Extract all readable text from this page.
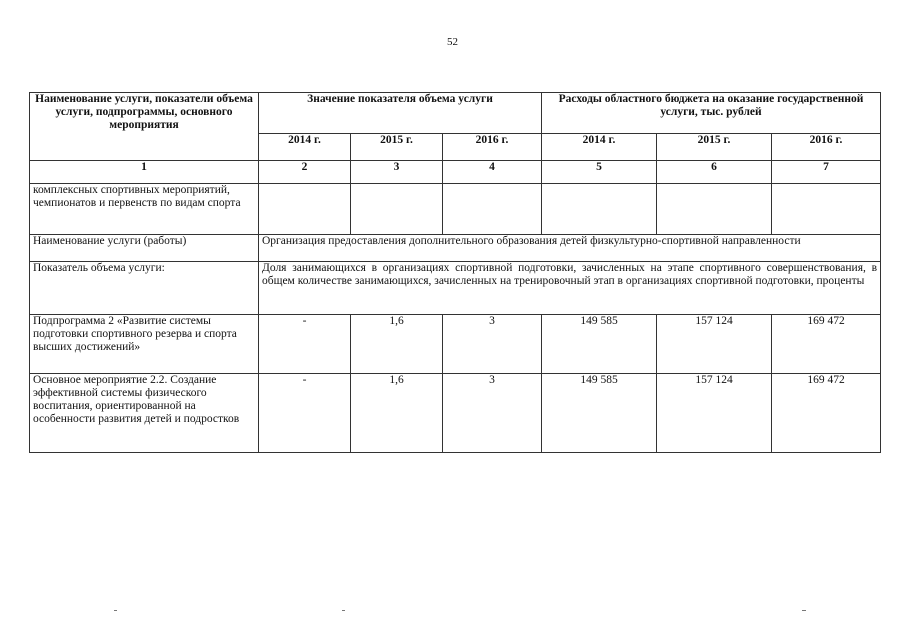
52
Наименование услуги, показатели объема услуги, подпрограммы, основного мероприятия	Значение показателя объема услуги			Расходы областного бюджета на оказание государственной услуги, тыс. рублей		
	2014 г.	2015 г.	2016 г.	2014 г.	2015 г.	2016 г.
1	2	3	4	5	6	7
комплексных спортивных мероприятий, чемпионатов и первенств по видам спорта						
Наименование услуги (работы)	Организация предоставления дополнительного образования детей физкультурно-спортивной направленности					
Показатель объема услуги:	Доля занимающихся в организациях спортивной подготовки, зачисленных на этапе спортивного совершенствования, в общем количестве занимающихся, зачисленных на тренировочный этап в организациях спортивной подготовки, проценты					
Подпрограмма 2 «Развитие системы подготовки спортивного резерва и спорта высших достижений»	-	1,6	3	149 585	157 124	169 472
Основное мероприятие 2.2. Создание эффективной системы физического воспитания, ориентированной на особенности развития детей и подростков	-	1,6	3	149 585	157 124	169 472
